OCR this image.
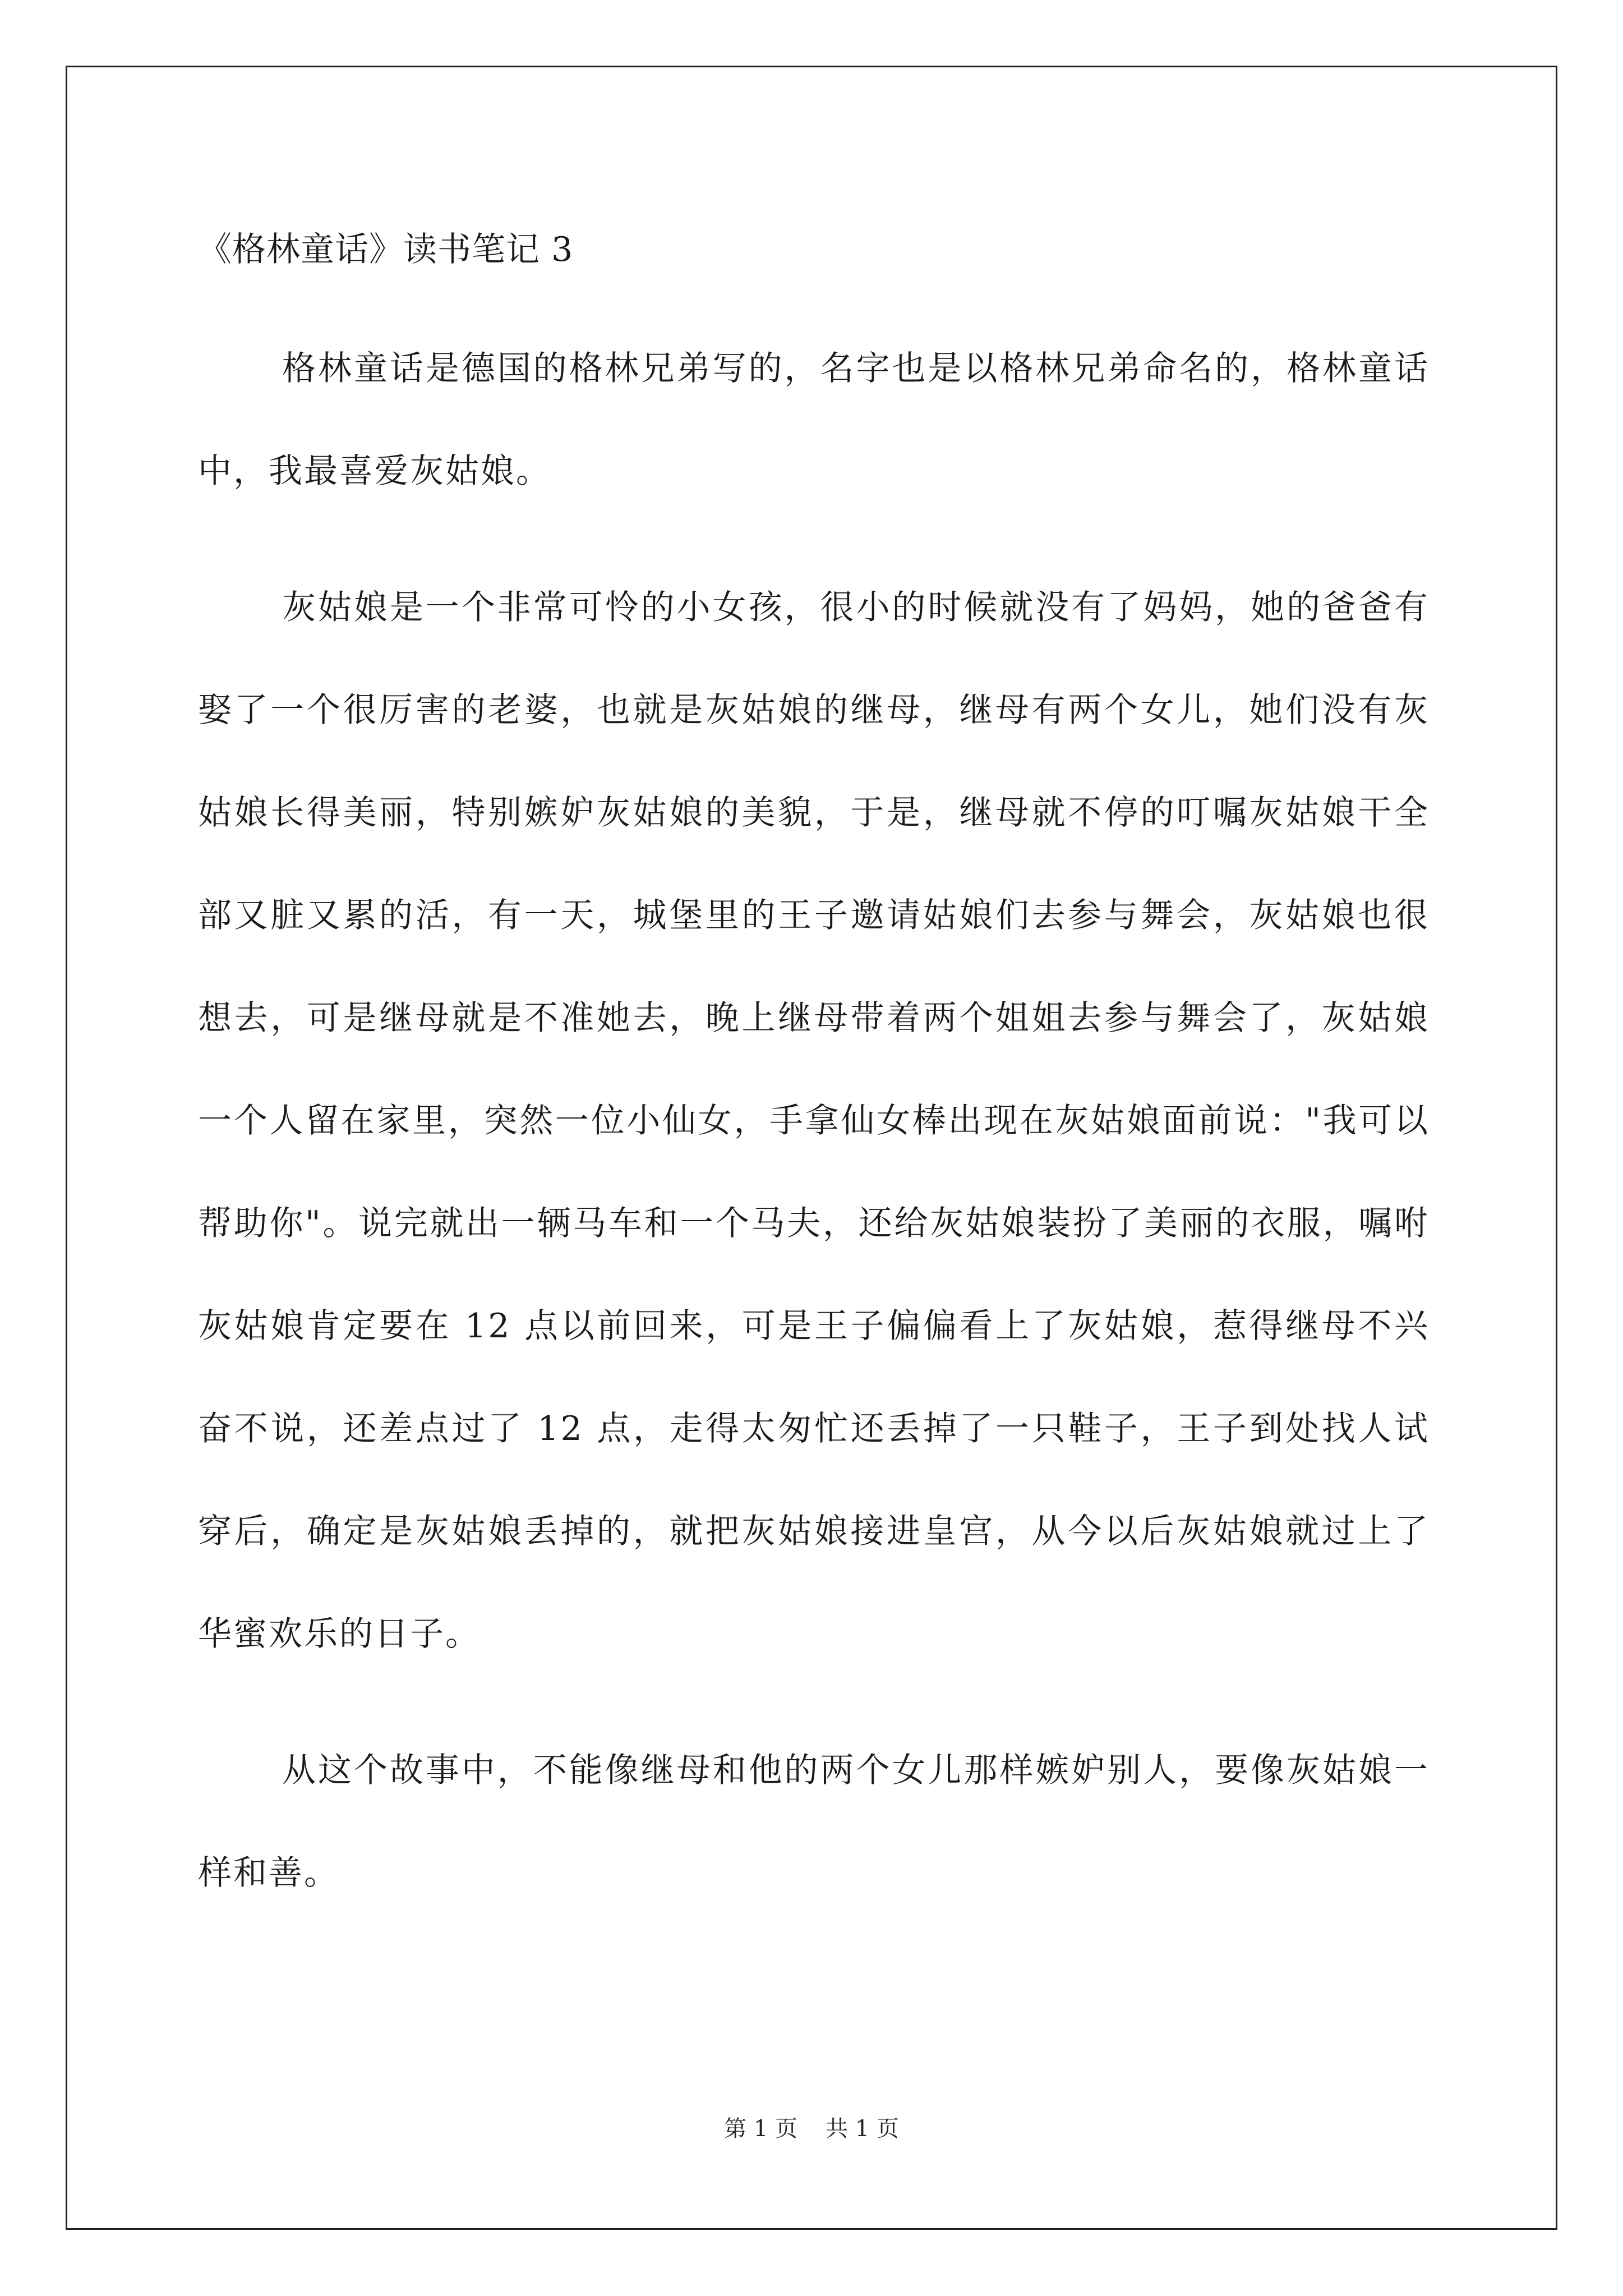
《格林童话》读书笔记 3

格林童话是德国的格林兄弟写的，名字也是以格林兄弟命名的，格林童话中，我最喜爱灰姑娘。

灰姑娘是一个非常可怜的小女孩，很小的时候就没有了妈妈，她的爸爸有娶了一个很厉害的老婆，也就是灰姑娘的继母，继母有两个女儿，她们没有灰姑娘长得美丽，特别嫉妒灰姑娘的美貌，于是，继母就不停的叮嘱灰姑娘干全部又脏又累的活，有一天，城堡里的王子邀请姑娘们去参与舞会，灰姑娘也很想去，可是继母就是不准她去，晚上继母带着两个姐姐去参与舞会了，灰姑娘一个人留在家里，突然一位小仙女，手拿仙女棒出现在灰姑娘面前说："我可以帮助你"。说完就出一辆马车和一个马夫，还给灰姑娘装扮了美丽的衣服，嘱咐灰姑娘肯定要在 12 点以前回来，可是王子偏偏看上了灰姑娘，惹得继母不兴奋不说，还差点过了 12 点，走得太匆忙还丢掉了一只鞋子，王子到处找人试穿后，确定是灰姑娘丢掉的，就把灰姑娘接进皇宫，从今以后灰姑娘就过上了华蜜欢乐的日子。

从这个故事中，不能像继母和他的两个女儿那样嫉妒别人，要像灰姑娘一样和善。

第 1 页 共 1 页
